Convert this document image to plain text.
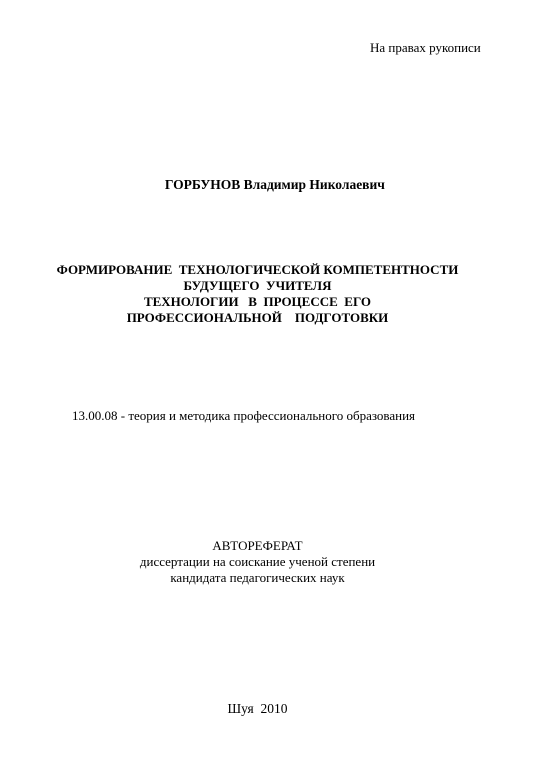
На правах рукописи

ГОРБУНОВ Владимир Николаевич

ФОРМИРОВАНИЕ  ТЕХНОЛОГИЧЕСКОЙ КОМПЕТЕНТНОСТИ
БУДУЩЕГО  УЧИТЕЛЯ
ТЕХНОЛОГИИ   В  ПРОЦЕССЕ  ЕГО
ПРОФЕССИОНАЛЬНОЙ    ПОДГОТОВКИ
13.00.08 - теория и методика профессионального образования
АВТОРЕФЕРАТ
диссертации на соискание ученой степени
кандидата педагогических наук
Шуя  2010
